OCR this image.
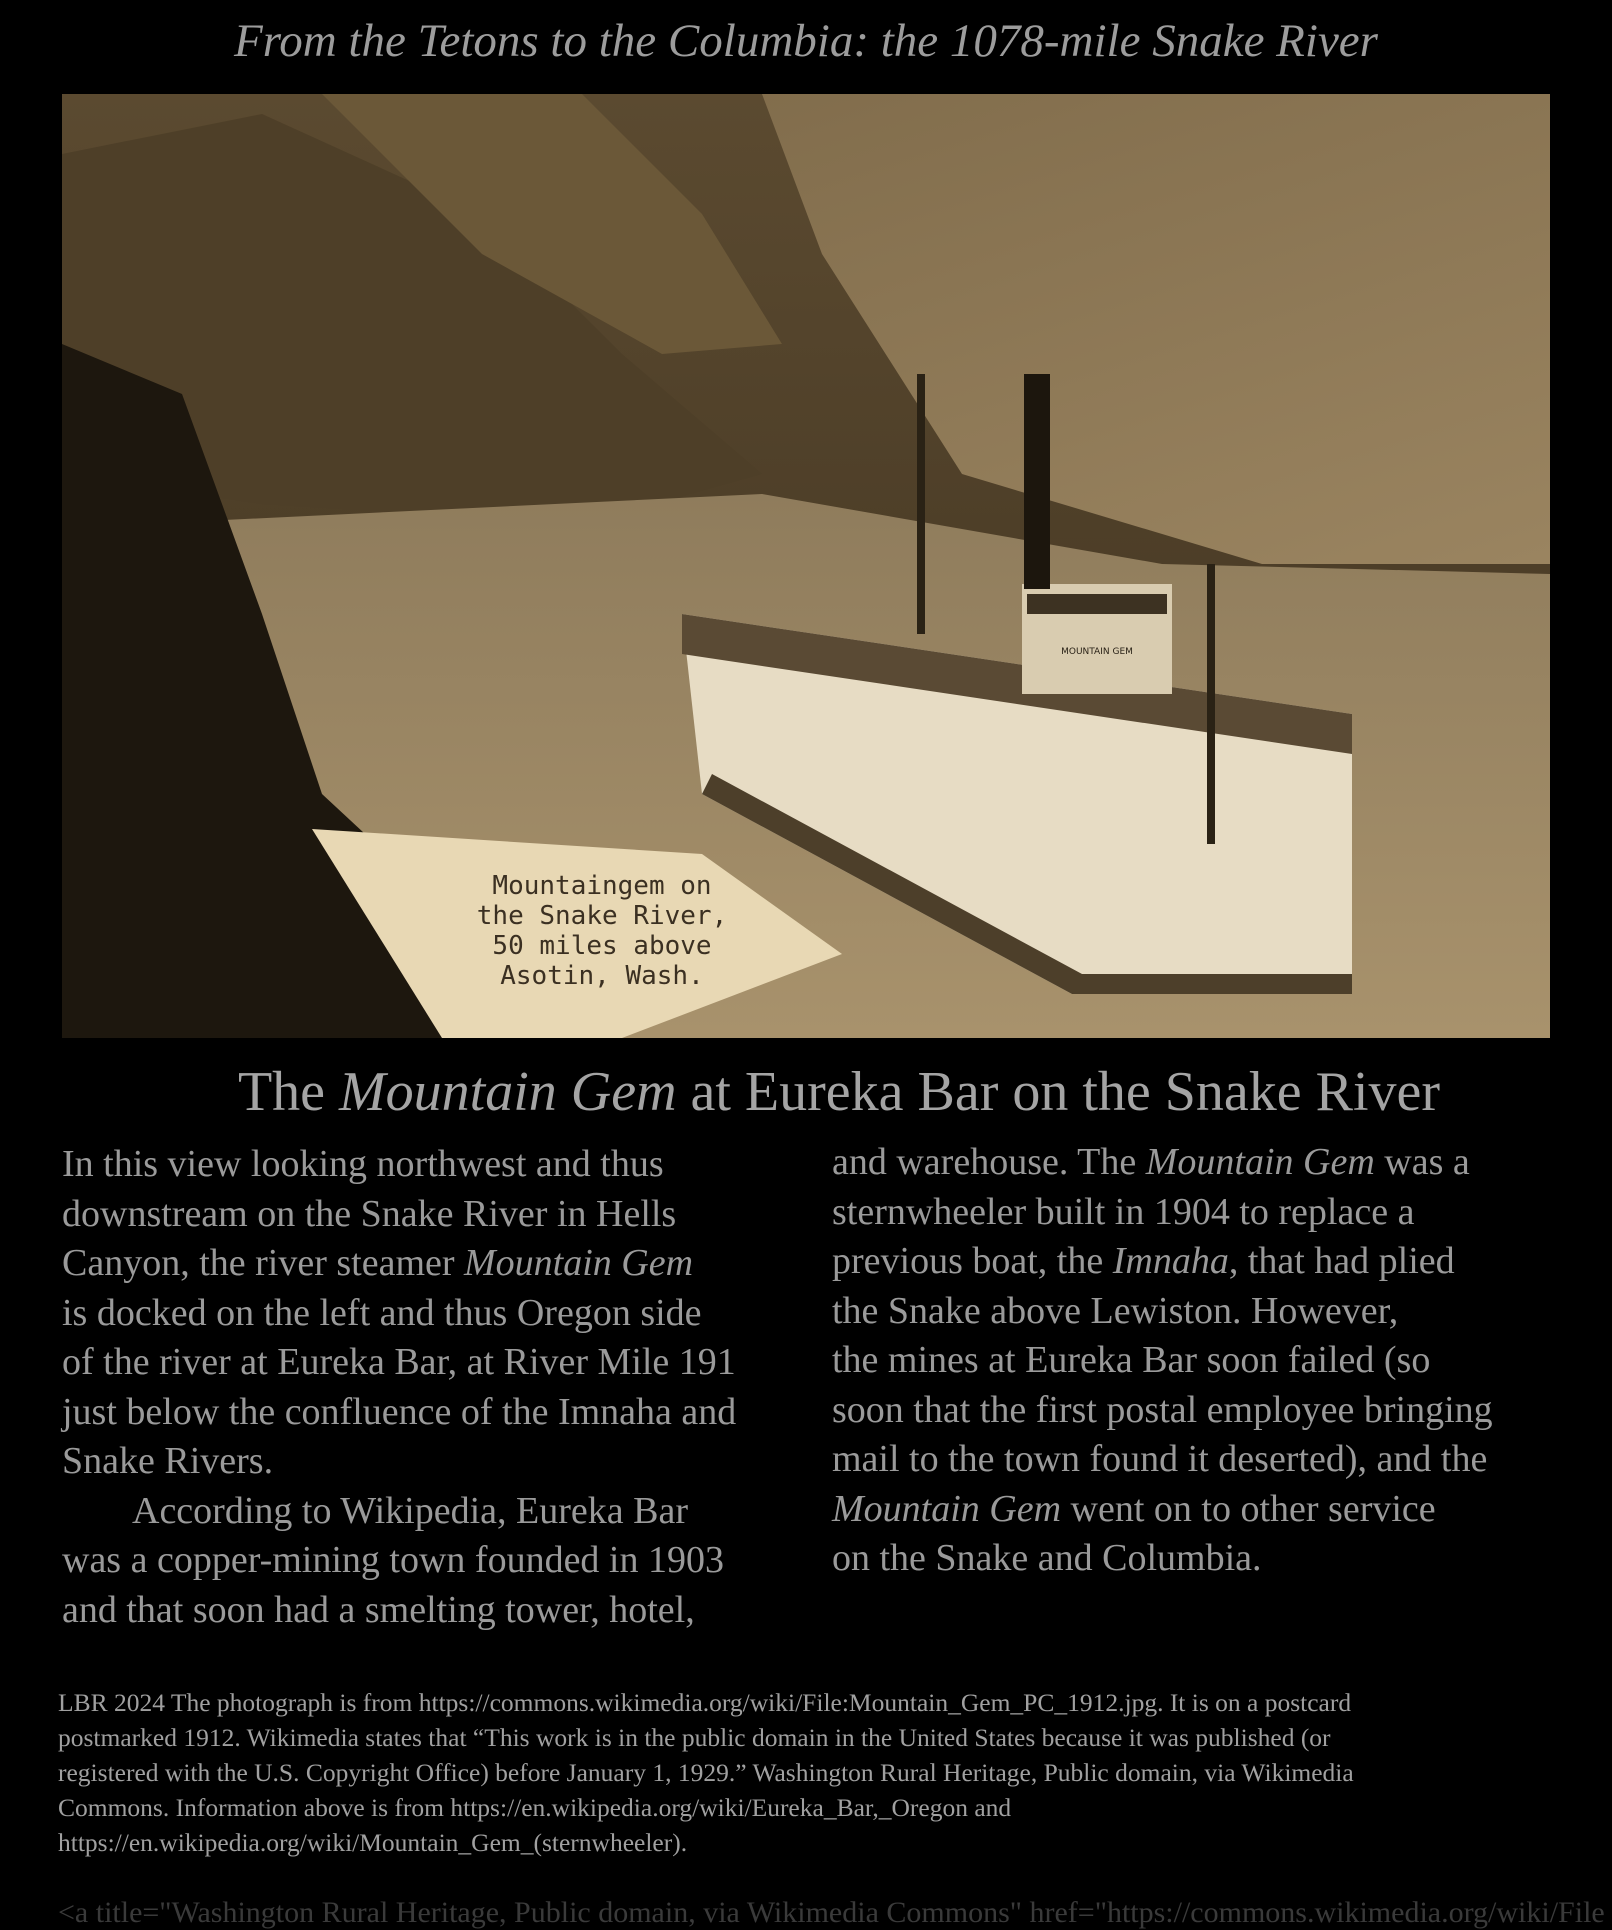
From the Tetons to the Columbia: the 1078-mile Snake River
Mountaingem on
the Snake River,
50 miles above
Asotin, Wash.
MOUNTAIN GEM
The Mountain Gem at Eureka Bar on the Snake River
In this view looking northwest and thus
downstream on the Snake River in Hells
Canyon, the river steamer Mountain Gem
is docked on the left and thus Oregon side
of the river at Eureka Bar, at River Mile 191
just below the confluence of the Imnaha and
Snake Rivers.
According to Wikipedia, Eureka Bar
was a copper-mining town founded in 1903
and that soon had a smelting tower, hotel,
and warehouse. The Mountain Gem was a
sternwheeler built in 1904 to replace a
previous boat, the Imnaha, that had plied
the Snake above Lewiston. However,
the mines at Eureka Bar soon failed (so
soon that the first postal employee bringing
mail to the town found it deserted), and the
Mountain Gem went on to other service
on the Snake and Columbia.
LBR 2024 The photograph is from https://commons.wikimedia.org/wiki/File:Mountain_Gem_PC_1912.jpg. It is on a postcard
postmarked 1912. Wikimedia states that “This work is in the public domain in the United States because it was published (or
registered with the U.S. Copyright Office) before January 1, 1929.” Washington Rural Heritage, Public domain, via Wikimedia
Commons. Information above is from https://en.wikipedia.org/wiki/Eureka_Bar,_Oregon and
https://en.wikipedia.org/wiki/Mountain_Gem_(sternwheeler).
<a title="Washington Rural Heritage, Public domain, via Wikimedia Commons" href="https://commons.wikimedia.org/wiki/File
